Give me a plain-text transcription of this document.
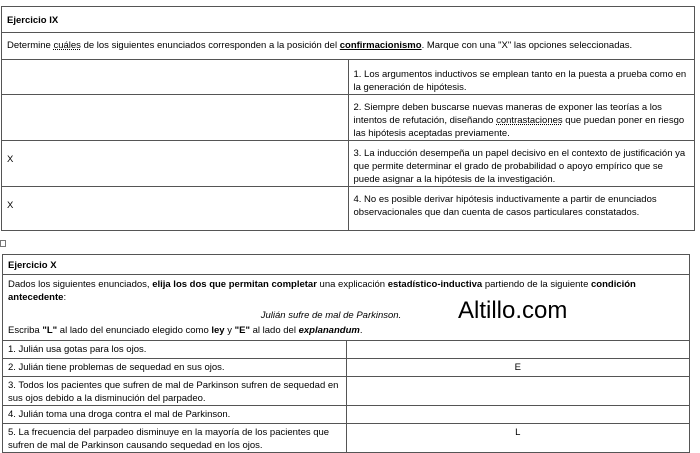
Ejercicio IX	
Determine cuáles de los siguientes enunciados corresponden a la posición del confirmacionismo. Marque con una "X" las opciones seleccionadas.	
	1. Los argumentos inductivos se emplean tanto en la puesta a prueba como en la generación de hipótesis.
	2. Siempre deben buscarse nuevas maneras de exponer las teorías a los intentos de refutación, diseñando contrastaciones que puedan poner en riesgo las hipótesis aceptadas previamente.
X	3. La inducción desempeña un papel decisivo en el contexto de justificación ya que permite determinar el grado de probabilidad o apoyo empírico que se puede asignar a la hipótesis de la investigación.
X	4. No es posible derivar hipótesis inductivamente a partir de enunciados observacionales que dan cuenta de casos particulares constatados.
Ejercicio X	
Dados los siguientes enunciados, elija los dos que permitan completar una explicación estadístico-inductiva partiendo de la siguiente condición antecedente:
Julián sufre de mal de Parkinson.
Escriba "L" al lado del enunciado elegido como ley y "E" al lado del explanandum.	
1. Julián usa gotas para los ojos.	
2. Julián tiene problemas de sequedad en sus ojos.	E
3. Todos los pacientes que sufren de mal de Parkinson sufren de sequedad en sus ojos debido a la disminución del parpadeo.	
4. Julián toma una droga contra el mal de Parkinson.	
5. La frecuencia del parpadeo disminuye en la mayoría de los pacientes que sufren de mal de Parkinson causando sequedad en los ojos.	L
Altillo.com
